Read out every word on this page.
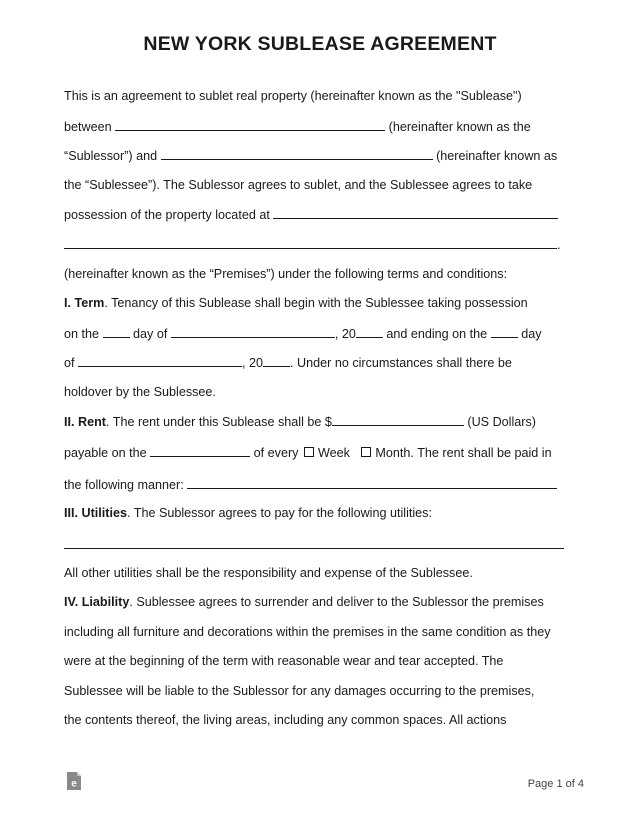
NEW YORK SUBLEASE AGREEMENT
This is an agreement to sublet real property (hereinafter known as the "Sublease")
between	(hereinafter known as the
“Sublessor”) and	(hereinafter known as
the “Sublessee”). The Sublessor agrees to sublet, and the Sublessee agrees to take
possession of the property located at
.
(hereinafter known as the “Premises”) under the following terms and conditions:
I. Term. Tenancy of this Sublease shall begin with the Sublessee taking possession
on the	day of	, 20 and ending on the	day
of	, 20 . Under no circumstances shall there be
holdover by the Sublessee.
II. Rent. The rent under this Sublease shall be $	(US Dollars)
payable on the	of every Week Month. The rent shall be paid in
the following manner:
III. Utilities. The Sublessor agrees to pay for the following utilities:
All other utilities shall be the responsibility and expense of the Sublessee.
IV. Liability. Sublessee agrees to surrender and deliver to the Sublessor the premises
including all furniture and decorations within the premises in the same condition as they
were at the beginning of the term with reasonable wear and tear accepted. The
Sublessee will be liable to the Sublessor for any damages occurring to the premises,
the contents thereof, the living areas, including any common spaces. All actions
e	Page 1 of 4
